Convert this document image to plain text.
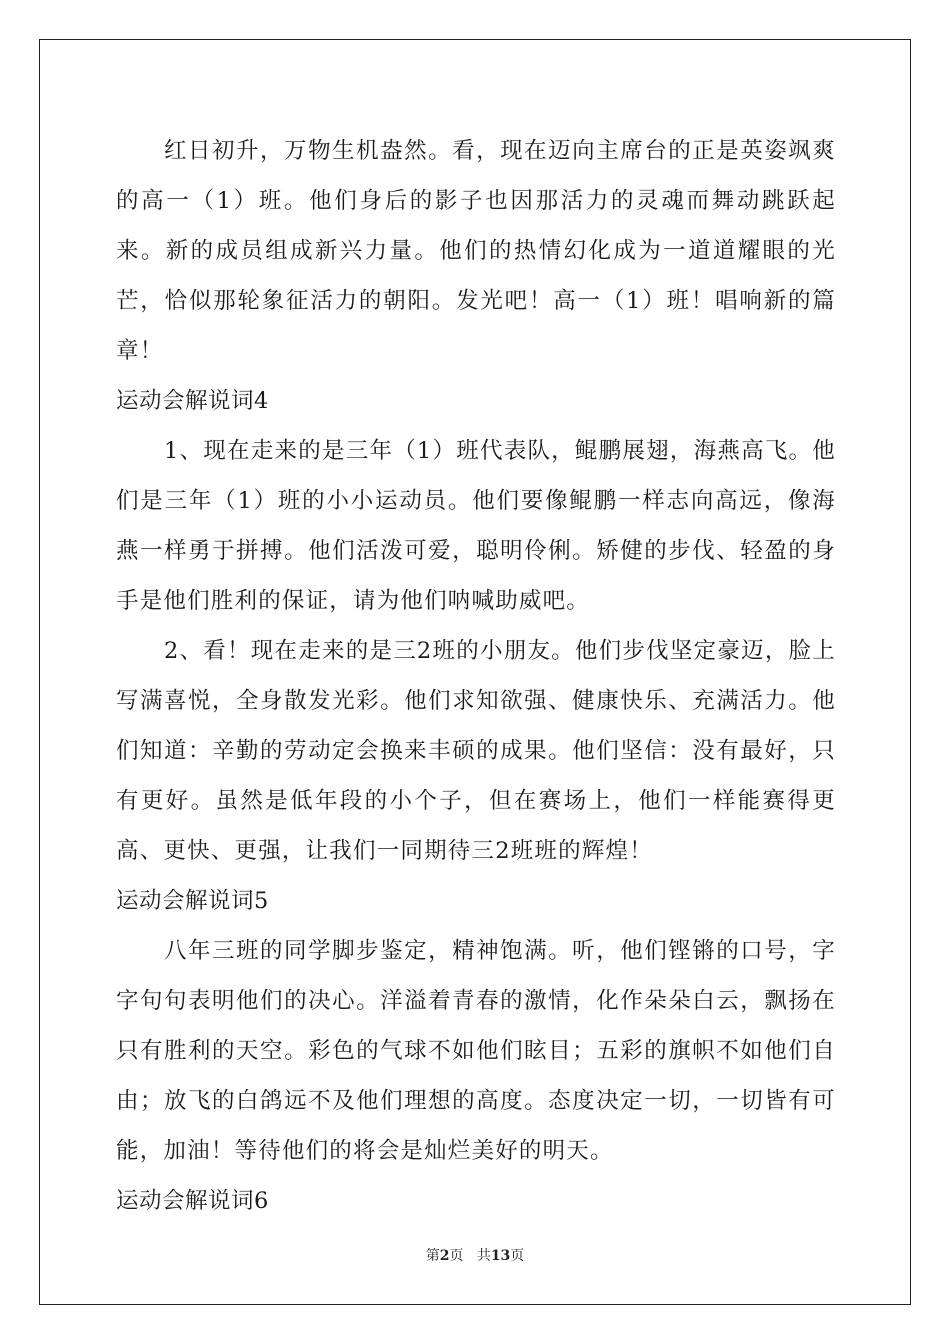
红日初升，万物生机盎然。看，现在迈向主席台的正是英姿飒爽的高一（1）班。他们身后的影子也因那活力的灵魂而舞动跳跃起来。新的成员组成新兴力量。他们的热情幻化成为一道道耀眼的光芒，恰似那轮象征活力的朝阳。发光吧！高一（1）班！唱响新的篇章！

运动会解说词4

1、现在走来的是三年（1）班代表队，鲲鹏展翅，海燕高飞。他们是三年（1）班的小小运动员。他们要像鲲鹏一样志向高远，像海燕一样勇于拼搏。他们活泼可爱，聪明伶俐。矫健的步伐、轻盈的身手是他们胜利的保证，请为他们呐喊助威吧。

2、看！现在走来的是三2班的小朋友。他们步伐坚定豪迈，脸上写满喜悦，全身散发光彩。他们求知欲强、健康快乐、充满活力。他们知道：辛勤的劳动定会换来丰硕的成果。他们坚信：没有最好，只有更好。虽然是低年段的小个子，但在赛场上，他们一样能赛得更高、更快、更强，让我们一同期待三2班班的辉煌！

运动会解说词5

八年三班的同学脚步鉴定，精神饱满。听，他们铿锵的口号，字字句句表明他们的决心。洋溢着青春的激情，化作朵朵白云，飘扬在只有胜利的天空。彩色的气球不如他们眩目；五彩的旗帜不如他们自由；放飞的白鸽远不及他们理想的高度。态度决定一切，一切皆有可能，加油！等待他们的将会是灿烂美好的明天。

运动会解说词6

第2页 共13页
